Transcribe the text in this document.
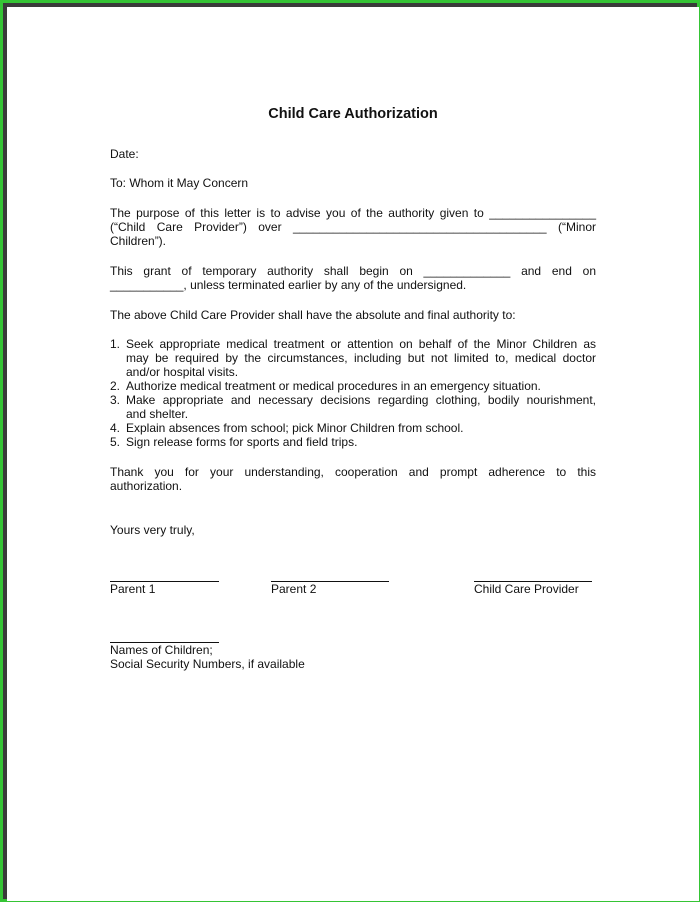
Child Care Authorization
Date:
To: Whom it May Concern
The purpose of this letter is to advise you of the authority given to ________________
(“Child Care Provider”) over ______________________________________ (“Minor
Children”).
This grant of temporary authority shall begin on _____________ and end on
___________, unless terminated earlier by any of the undersigned.
The above Child Care Provider shall have the absolute and final authority to:
1. Seek appropriate medical treatment or attention on behalf of the Minor Children as
may be required by the circumstances, including but not limited to, medical doctor
and/or hospital visits.
2. Authorize medical treatment or medical procedures in an emergency situation.
3. Make appropriate and necessary decisions regarding clothing, bodily nourishment,
and shelter.
4. Explain absences from school; pick Minor Children from school.
5. Sign release forms for sports and field trips.
Thank you for your understanding, cooperation and prompt adherence to this
authorization.
Yours very truly,
Parent 1	Parent 2	Child Care Provider
Names of Children;
Social Security Numbers, if available
